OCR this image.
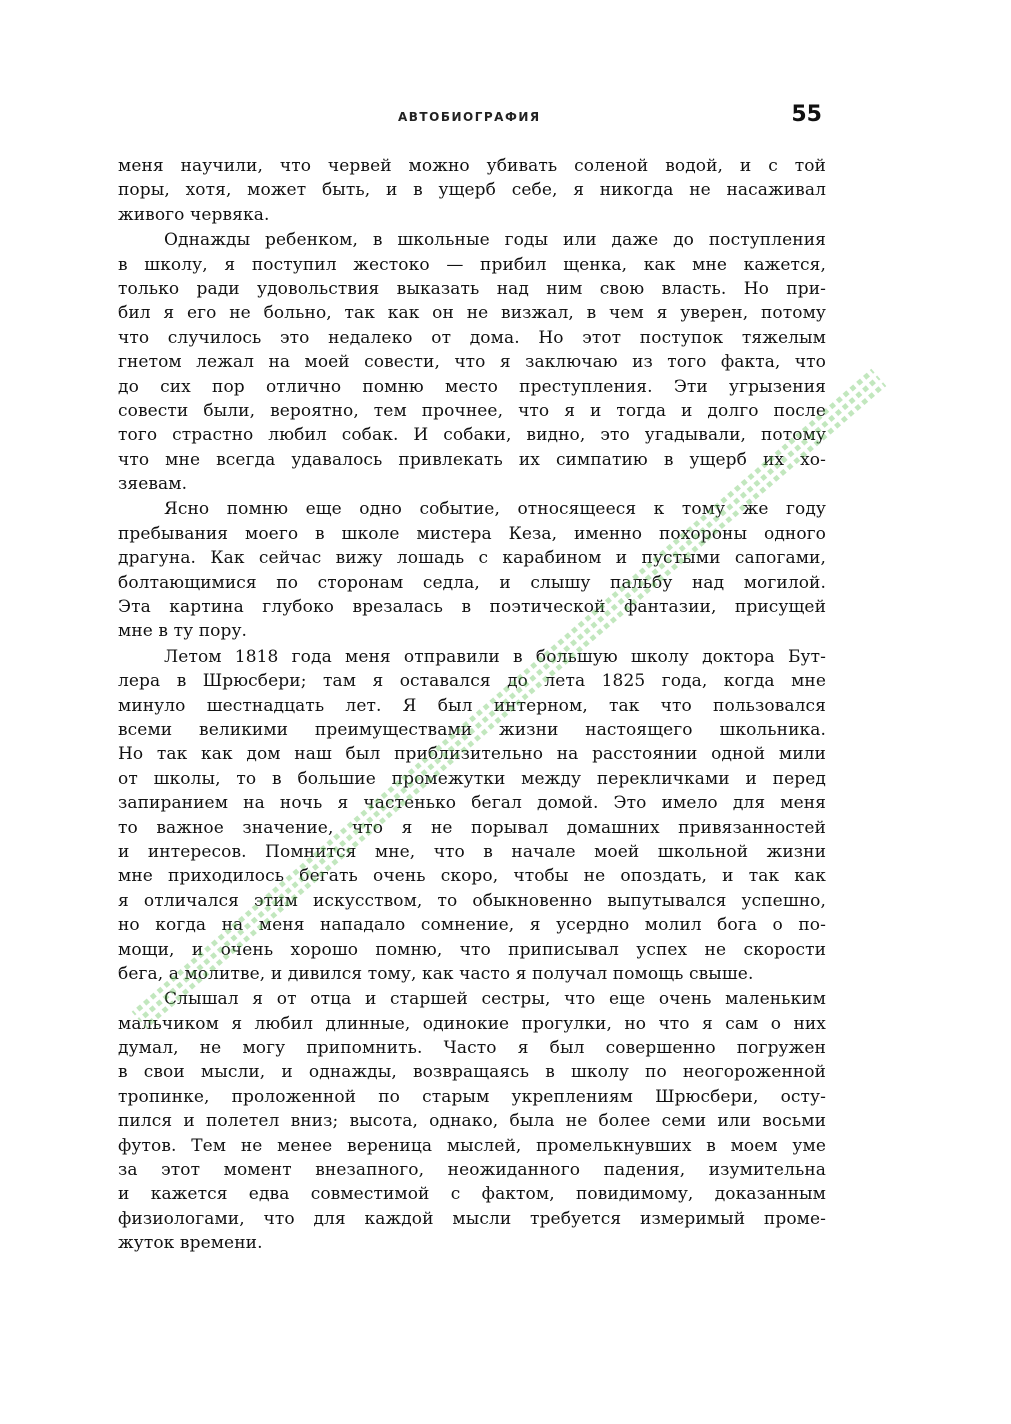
АВТОБИОГРАФИЯ	55
меня научили, что червей можно убивать соленой водой, и с той
поры, хотя, может быть, и в ущерб себе, я никогда не насаживал
живого червяка.
Однажды ребенком, в школьные годы или даже до поступления
в школу, я поступил жестоко — прибил щенка, как мне кажется,
только ради удовольствия выказать над ним свою власть. Но при-
бил я его не больно, так как он не визжал, в чем я уверен, потому
что случилось это недалеко от дома. Но этот поступок тяжелым
гнетом лежал на моей совести, что я заключаю из того факта, что
до сих пор отлично помню место преступления. Эти угрызения
совести были, вероятно, тем прочнее, что я и тогда и долго после
того страстно любил собак. И собаки, видно, это угадывали, потому
что мне всегда удавалось привлекать их симпатию в ущерб их хо-
зяевам.
Ясно помню еще одно событие, относящееся к тому же году
пребывания моего в школе мистера Кеза, именно похороны одного
драгуна. Как сейчас вижу лошадь с карабином и пустыми сапогами,
болтающимися по сторонам седла, и слышу пальбу над могилой.
Эта картина глубоко врезалась в поэтической фантазии, присущей
мне в ту пору.
Летом 1818 года меня отправили в большую школу доктора Бут-
лера в Шрюсбери; там я оставался до лета 1825 года, когда мне
минуло шестнадцать лет. Я был интерном, так что пользовался
всеми великими преимуществами жизни настоящего школьника.
Но так как дом наш был приблизительно на расстоянии одной мили
от школы, то в большие промежутки между перекличками и перед
запиранием на ночь я частенько бегал домой. Это имело для меня
то важное значение, что я не порывал домашних привязанностей
и интересов. Помнится мне, что в начале моей школьной жизни
мне приходилось бегать очень скоро, чтобы не опоздать, и так как
я отличался этим искусством, то обыкновенно выпутывался успешно,
но когда на меня нападало сомнение, я усердно молил бога о по-
мощи, и очень хорошо помню, что приписывал успех не скорости
бега, а молитве, и дивился тому, как часто я получал помощь свыше.
Слышал я от отца и старшей сестры, что еще очень маленьким
мальчиком я любил длинные, одинокие прогулки, но что я сам о них
думал, не могу припомнить. Часто я был совершенно погружен
в свои мысли, и однажды, возвращаясь в школу по неогороженной
тропинке, проложенной по старым укреплениям Шрюсбери, осту-
пился и полетел вниз; высота, однако, была не более семи или восьми
футов. Тем не менее вереница мыслей, промелькнувших в моем уме
за этот момент внезапного, неожиданного падения, изумительна
и кажется едва совместимой с фактом, повидимому, доказанным
физиологами, что для каждой мысли требуется измеримый проме-
жуток времени.
